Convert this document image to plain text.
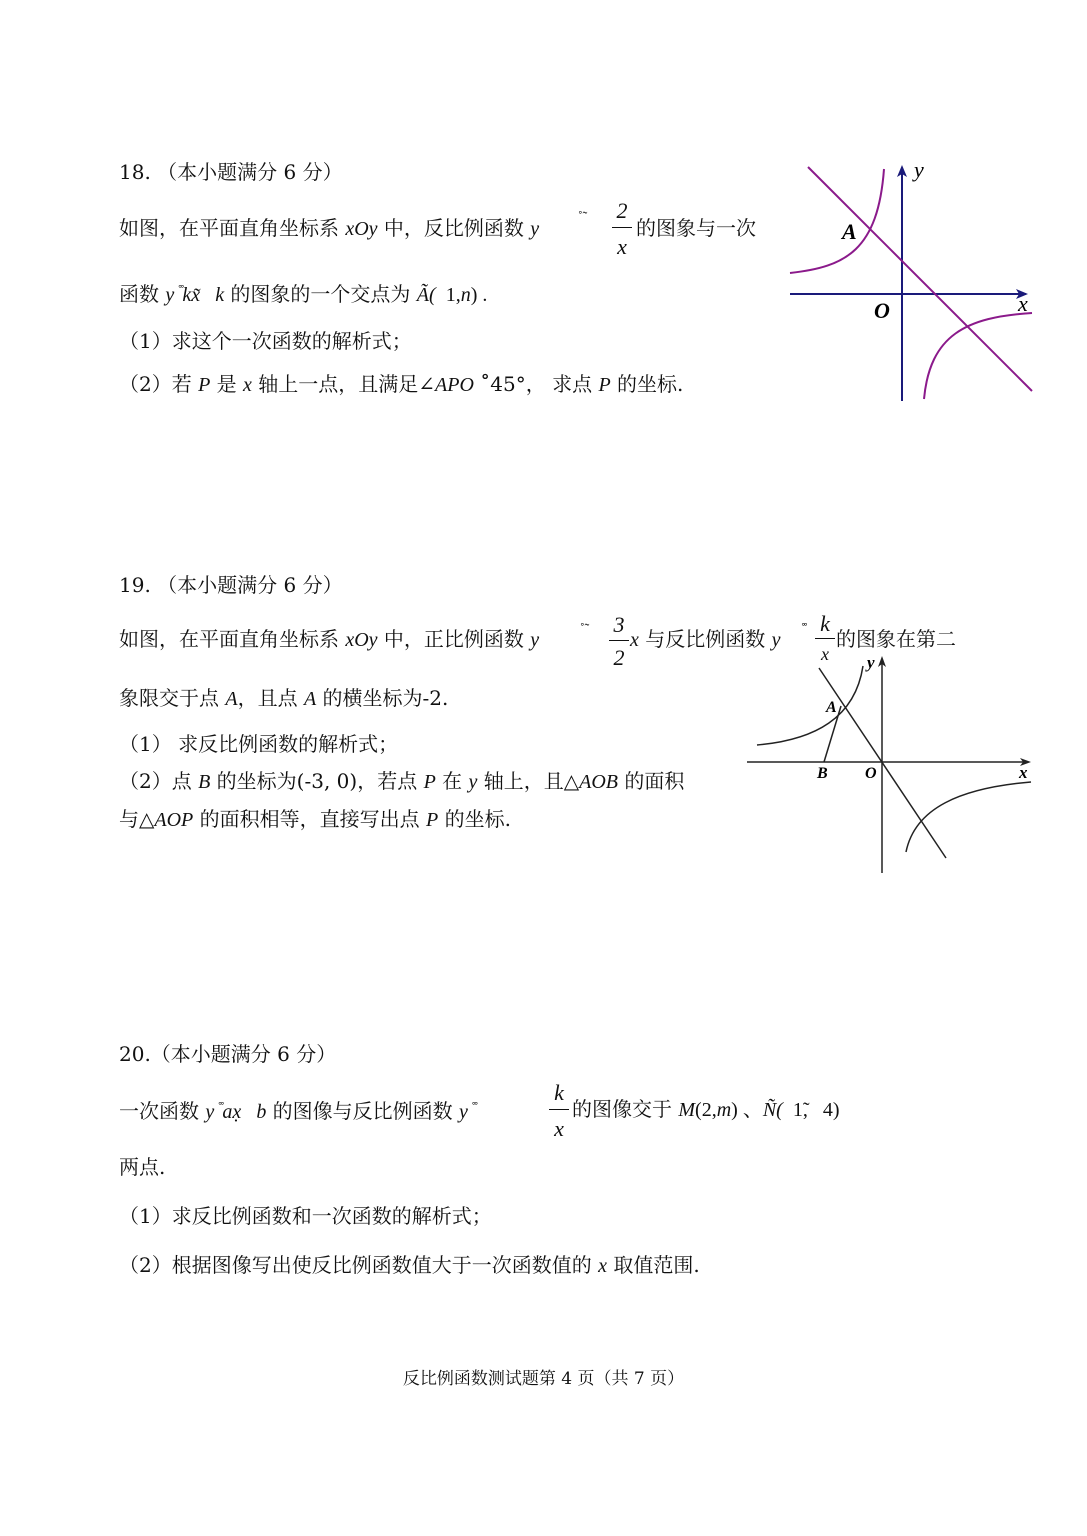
18. （本小题满分 6 分）
如图，在平面直角坐标系 xOy 中，反比例函数 y
˚̃ 2
x
的图象与一次
函数 y ˚̊kx̃   k 的图象的一个交点为 Ã(  1,n) .
（1）求这个一次函数的解析式；
（2）若 P 是 x 轴上一点，且满足∠APO ˚̊45°， 求点 P 的坐标.
y
x
A
O
19. （本小题满分 6 分）
如图，在平面直角坐标系 xOy 中，正比例函数 y	˚̃ 3
2
x 与反比例函数 y ˚̊ k
x
的图象在第二
象限交于点 A，且点 A 的横坐标为-2.
（1） 求反比例函数的解析式；
（2）点 B 的坐标为(-3, 0)，若点 P 在 y 轴上，且△AOB 的面积
与△AOP 的面积相等，直接写出点 P 的坐标.
y
x
A
B O
20.（本小题满分 6 分）
一次函数 y ˚̊ax̣   b 的图像与反比例函数 y ˚̊
k
x
的图像交于 M(2,m) 、Ñ(  1̃,   4)
两点.
（1）求反比例函数和一次函数的解析式；
（2）根据图像写出使反比例函数值大于一次函数值的 x 取值范围.
反比例函数测试题第 4 页（共 7 页）
